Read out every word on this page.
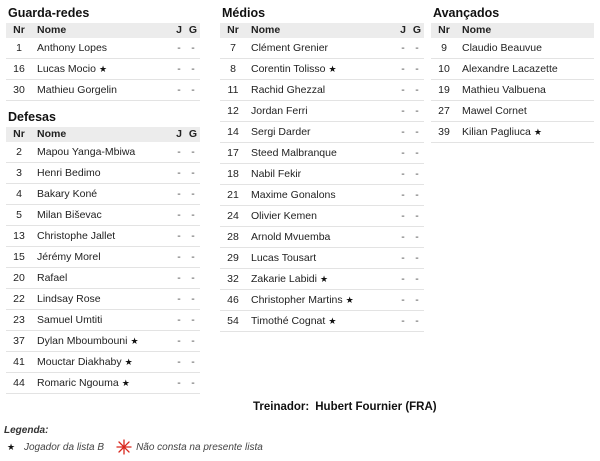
Guarda-redes
Nr	Nome	J	G
1	Anthony Lopes	-	-
16	Lucas Mocio ★	-	-
30	Mathieu Gorgelin	-	-
Defesas
Nr	Nome	J	G
2	Mapou Yanga-Mbiwa	-	-
3	Henri Bedimo	-	-
4	Bakary Koné	-	-
5	Milan Biševac	-	-
13	Christophe Jallet	-	-
15	Jérémy Morel	-	-
20	Rafael	-	-
22	Lindsay Rose	-	-
23	Samuel Umtiti	-	-
37	Dylan Mboumbouni ★	-	-
41	Mouctar Diakhaby ★	-	-
44	Romaric Ngouma ★	-	-
Médios
Nr	Nome	J	G
7	Clément Grenier	-	-
8	Corentin Tolisso ★	-	-
11	Rachid Ghezzal	-	-
12	Jordan Ferri	-	-
14	Sergi Darder	-	-
17	Steed Malbranque	-	-
18	Nabil Fekir	-	-
21	Maxime Gonalons	-	-
24	Olivier Kemen	-	-
28	Arnold Mvuemba	-	-
29	Lucas Tousart	-	-
32	Zakarie Labidi ★	-	-
46	Christopher Martins ★	-	-
54	Timothé Cognat ★	-	-
Avançados
Nr	Nome
9	Claudio Beauvue
10	Alexandre Lacazette
19	Mathieu Valbuena
27	Mawel Cornet
39	Kilian Pagliuca ★
Treinador: Hubert Fournier (FRA)
Legenda:
★ Jogador da lista B	Não consta na presente lista
